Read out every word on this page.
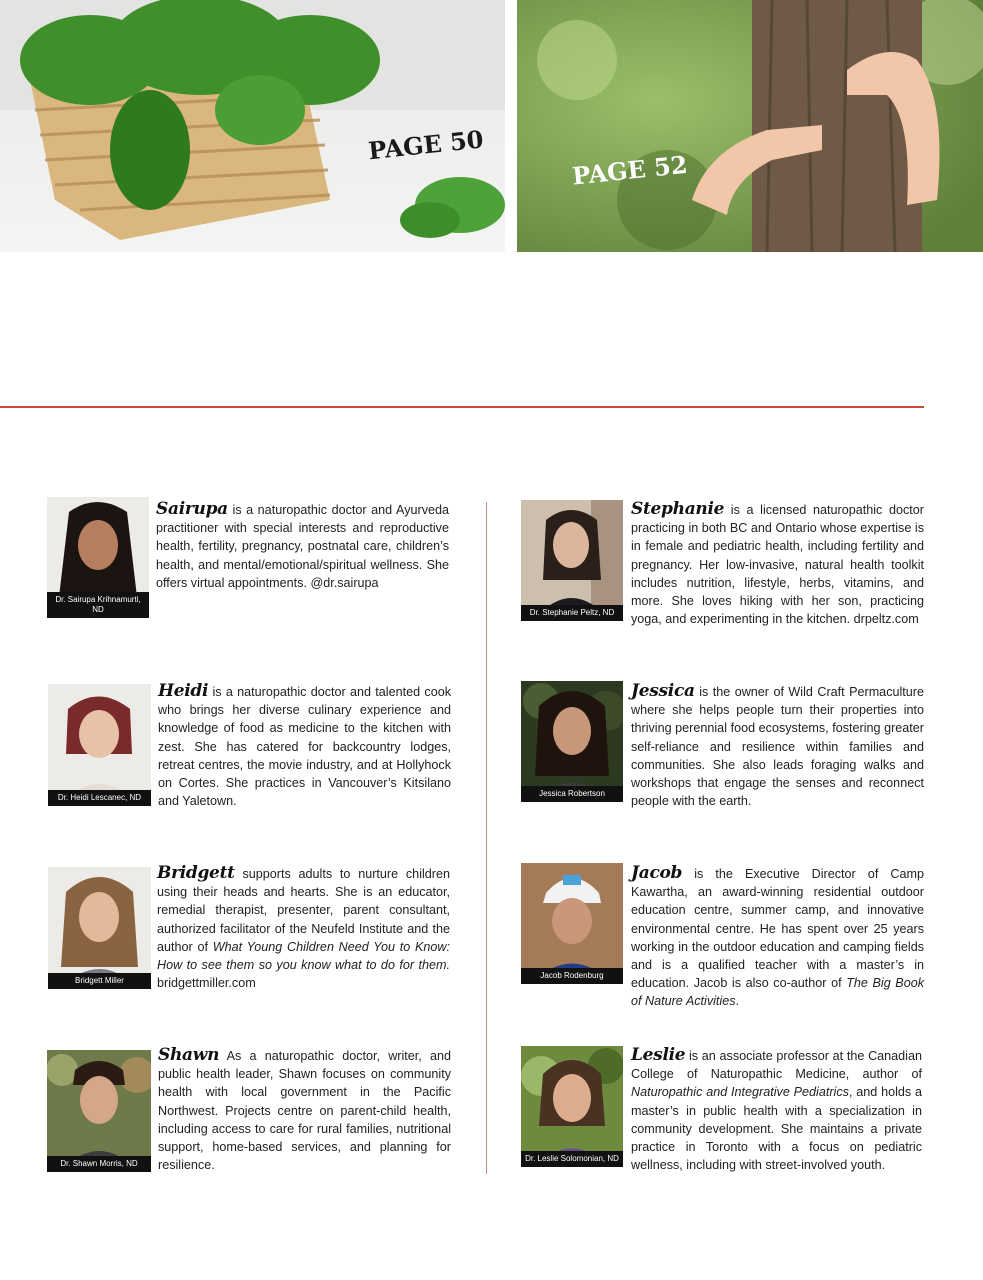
PAGE 50
PAGE 52
Dr. Sairupa Krihnamurti, ND
Sairupa is a naturopathic doctor and Ayurveda practitioner with special interests and reproductive health, fertility, pregnancy, postnatal care, children’s health, and mental/emotional/spiritual wellness. She offers virtual appointments. @dr.sairupa
Dr. Stephanie Peltz, ND
Stephanie is a licensed naturopathic doctor practicing in both BC and Ontario whose expertise is in female and pediatric health, including fertility and pregnancy. Her low-invasive, natural health toolkit includes nutrition, lifestyle, herbs, vitamins, and more. She loves hiking with her son, practicing yoga, and experimenting in the kitchen. drpeltz.com
Dr. Heidi Lescanec, ND
Heidi is a naturopathic doctor and talented cook who brings her diverse culinary experience and knowledge of food as medicine to the kitchen with zest. She has catered for backcountry lodges, retreat centres, the movie industry, and at Hollyhock on Cortes. She practices in Vancouver’s Kitsilano and Yaletown.
Jessica Robertson
Jessica is the owner of Wild Craft Permaculture where she helps people turn their properties into thriving perennial food ecosystems, fostering greater self-reliance and resilience within families and communities. She also leads foraging walks and workshops that engage the senses and reconnect people with the earth.
Bridgett Miller
Bridgett supports adults to nurture children using their heads and hearts. She is an educator, remedial therapist, presenter, parent consultant, authorized facilitator of the Neufeld Institute and the author of What Young Children Need You to Know: How to see them so you know what to do for them. bridgettmiller.com
Jacob Rodenburg
Jacob is the Executive Director of Camp Kawartha, an award-winning residential outdoor education centre, summer camp, and innovative environmental centre. He has spent over 25 years working in the outdoor education and camping fields and is a qualified teacher with a master’s in education. Jacob is also co-author of The Big Book of Nature Activities.
Dr. Shawn Morris, ND
Shawn As a naturopathic doctor, writer, and public health leader, Shawn focuses on community health with local government in the Pacific Northwest. Projects centre on parent-child health, including access to care for rural families, nutritional support, home-based services, and planning for resilience.	Dr. Leslie Solomonian, ND
Leslie is an associate professor at the Canadian College of Naturopathic Medicine, author of Naturopathic and Integrative Pediatrics, and holds a master’s in public health with a specialization in community development. She maintains a private practice in Toronto with a focus on pediatric wellness, including with street-involved youth.
